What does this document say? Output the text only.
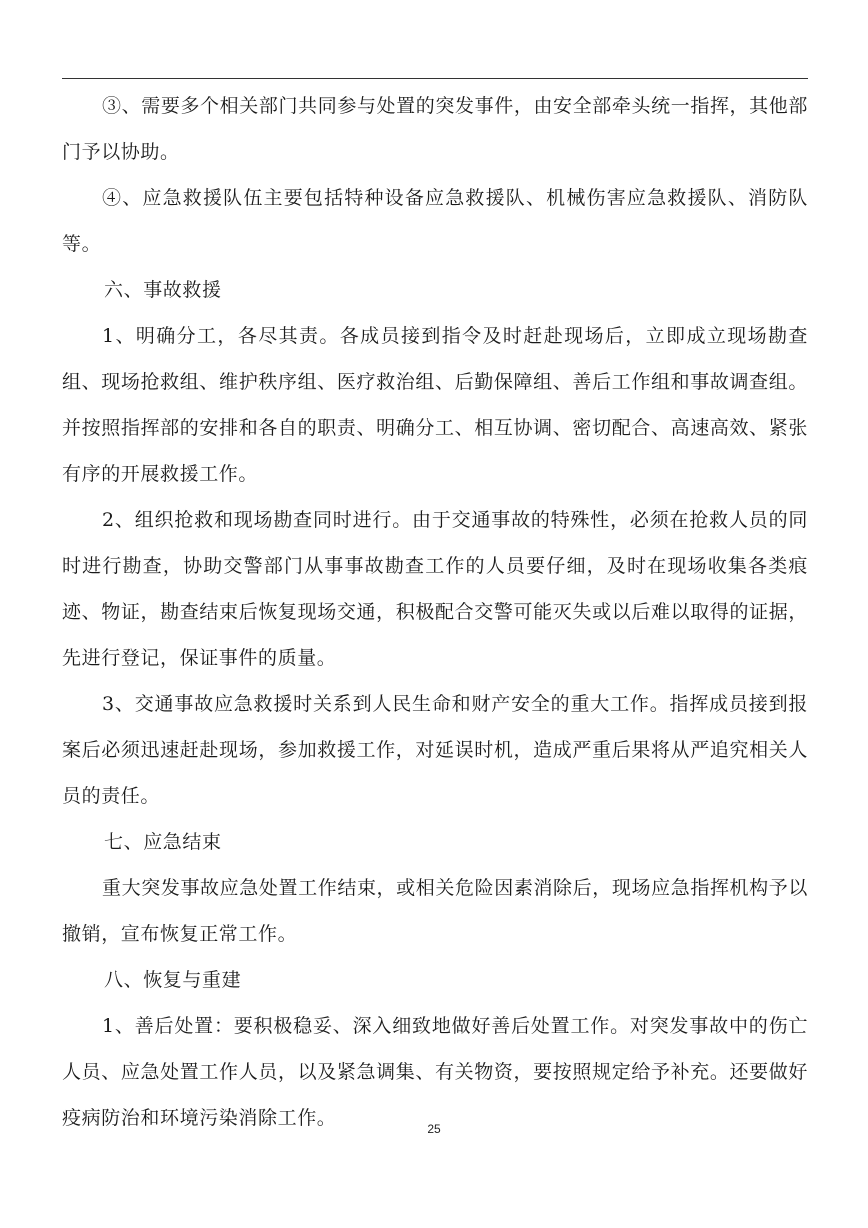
③、需要多个相关部门共同参与处置的突发事件，由安全部牵头统一指挥，其他部门予以协助。

④、应急救援队伍主要包括特种设备应急救援队、机械伤害应急救援队、消防队等。

六、事故救援

1、明确分工，各尽其责。各成员接到指令及时赶赴现场后，立即成立现场勘查组、现场抢救组、维护秩序组、医疗救治组、后勤保障组、善后工作组和事故调查组。并按照指挥部的安排和各自的职责、明确分工、相互协调、密切配合、高速高效、紧张有序的开展救援工作。

2、组织抢救和现场勘查同时进行。由于交通事故的特殊性，必须在抢救人员的同时进行勘查，协助交警部门从事事故勘查工作的人员要仔细，及时在现场收集各类痕迹、物证，勘查结束后恢复现场交通，积极配合交警可能灭失或以后难以取得的证据，先进行登记，保证事件的质量。

3、交通事故应急救援时关系到人民生命和财产安全的重大工作。指挥成员接到报案后必须迅速赶赴现场，参加救援工作，对延误时机，造成严重后果将从严追究相关人员的责任。

七、应急结束

重大突发事故应急处置工作结束，或相关危险因素消除后，现场应急指挥机构予以撤销，宣布恢复正常工作。

八、恢复与重建

1、善后处置：要积极稳妥、深入细致地做好善后处置工作。对突发事故中的伤亡人员、应急处置工作人员，以及紧急调集、有关物资，要按照规定给予补充。还要做好疫病防治和环境污染消除工作。	25
